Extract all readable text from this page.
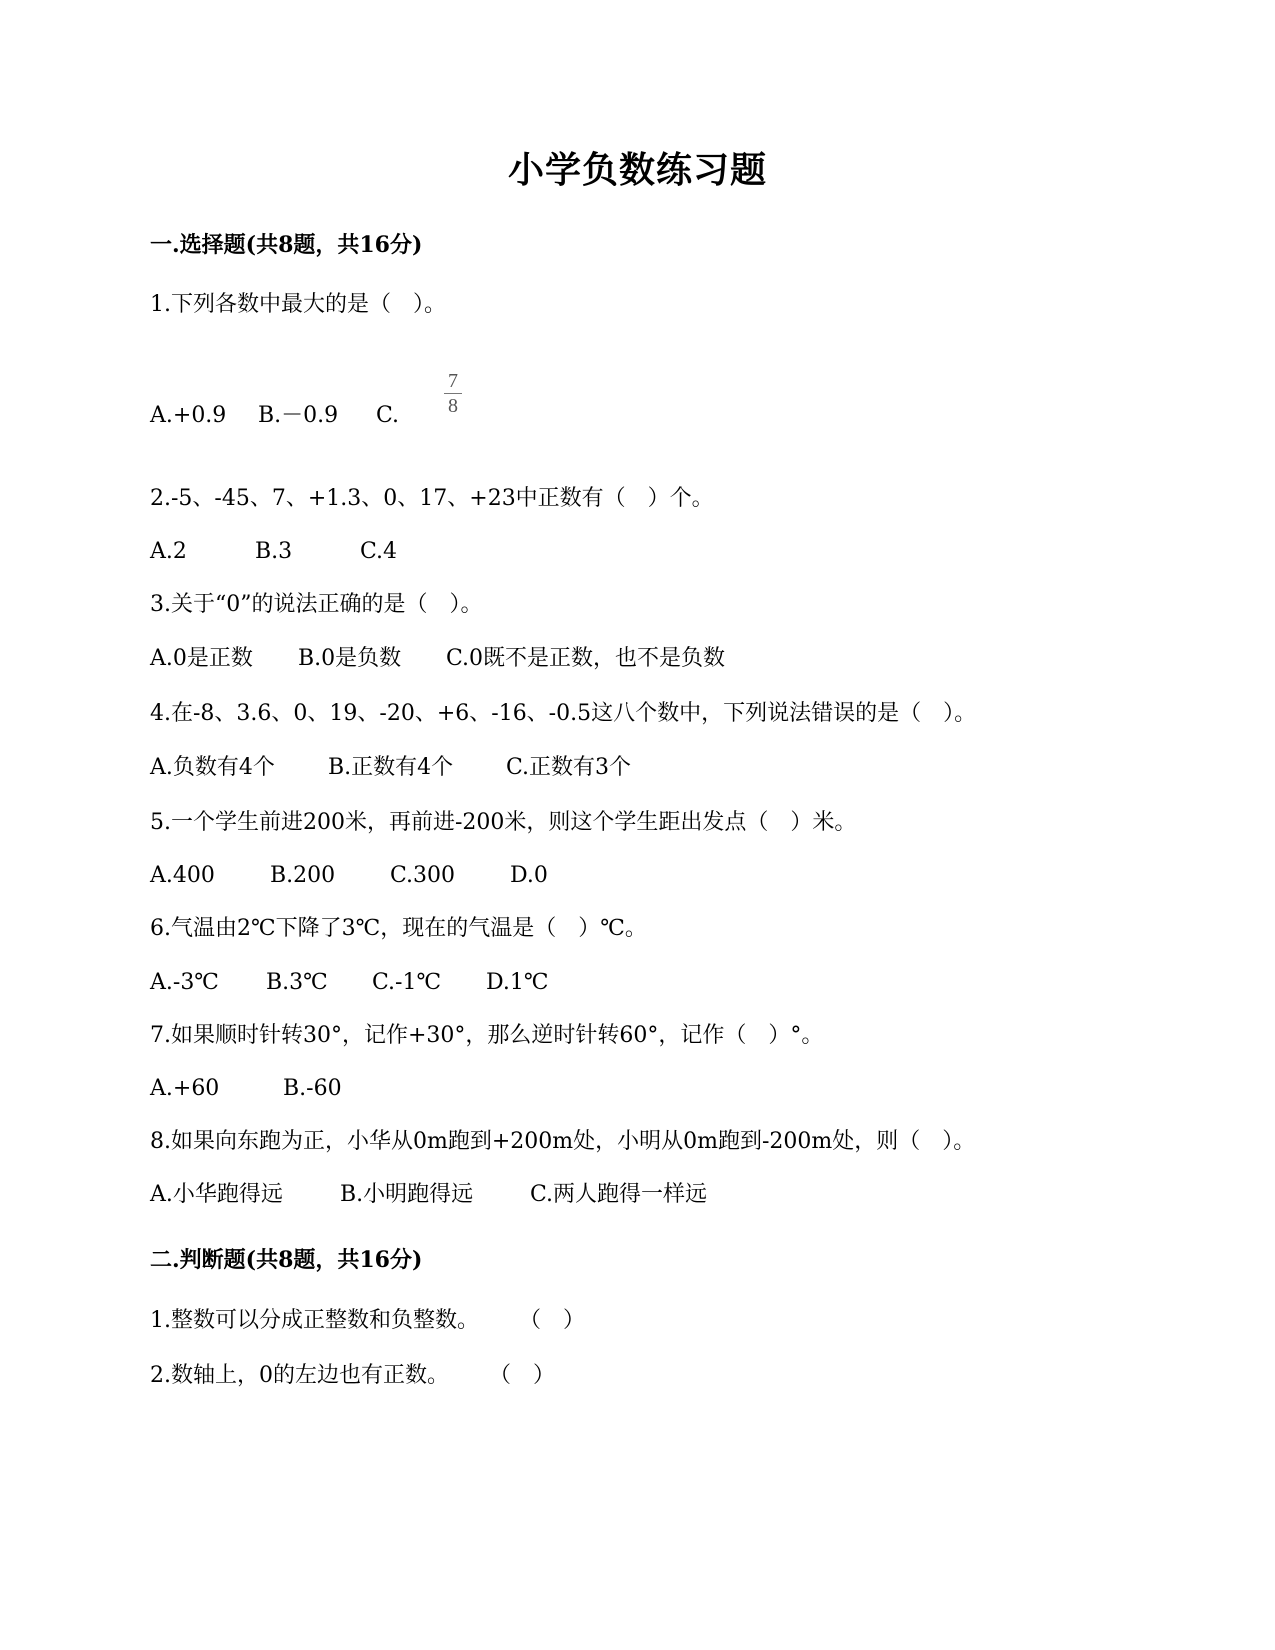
小学负数练习题
一.选择题(共8题，共16分)
1.下列各数中最大的是（　）。
A.+0.9 B.－0.9 C.
7
8
2.-5、-45、7、+1.3、0、17、+23中正数有（　）个。
A.2	B.3	C.4
3.关于“0”的说法正确的是（　）。
A.0是正数 B.0是负数 C.0既不是正数，也不是负数
4.在-8、3.6、0、19、-20、+6、-16、-0.5这八个数中，下列说法错误的是（　）。
A.负数有4个 B.正数有4个 C.正数有3个
5.一个学生前进200米，再前进-200米，则这个学生距出发点（　）米。
A.400	B.200 C.300 D.0
6.气温由2℃下降了3℃，现在的气温是（　）℃。
A.-3℃ B.3℃ C.-1℃ D.1℃
7.如果顺时针转30°，记作+30°，那么逆时针转60°，记作（　）°。
A.+60	B.-60
8.如果向东跑为正，小华从0m跑到+200m处，小明从0m跑到-200m处，则（　）。
A.小华跑得远	B.小明跑得远	C.两人跑得一样远
二.判断题(共8题，共16分)
1.整数可以分成正整数和负整数。 （　）
2.数轴上，0的左边也有正数。 （　）
